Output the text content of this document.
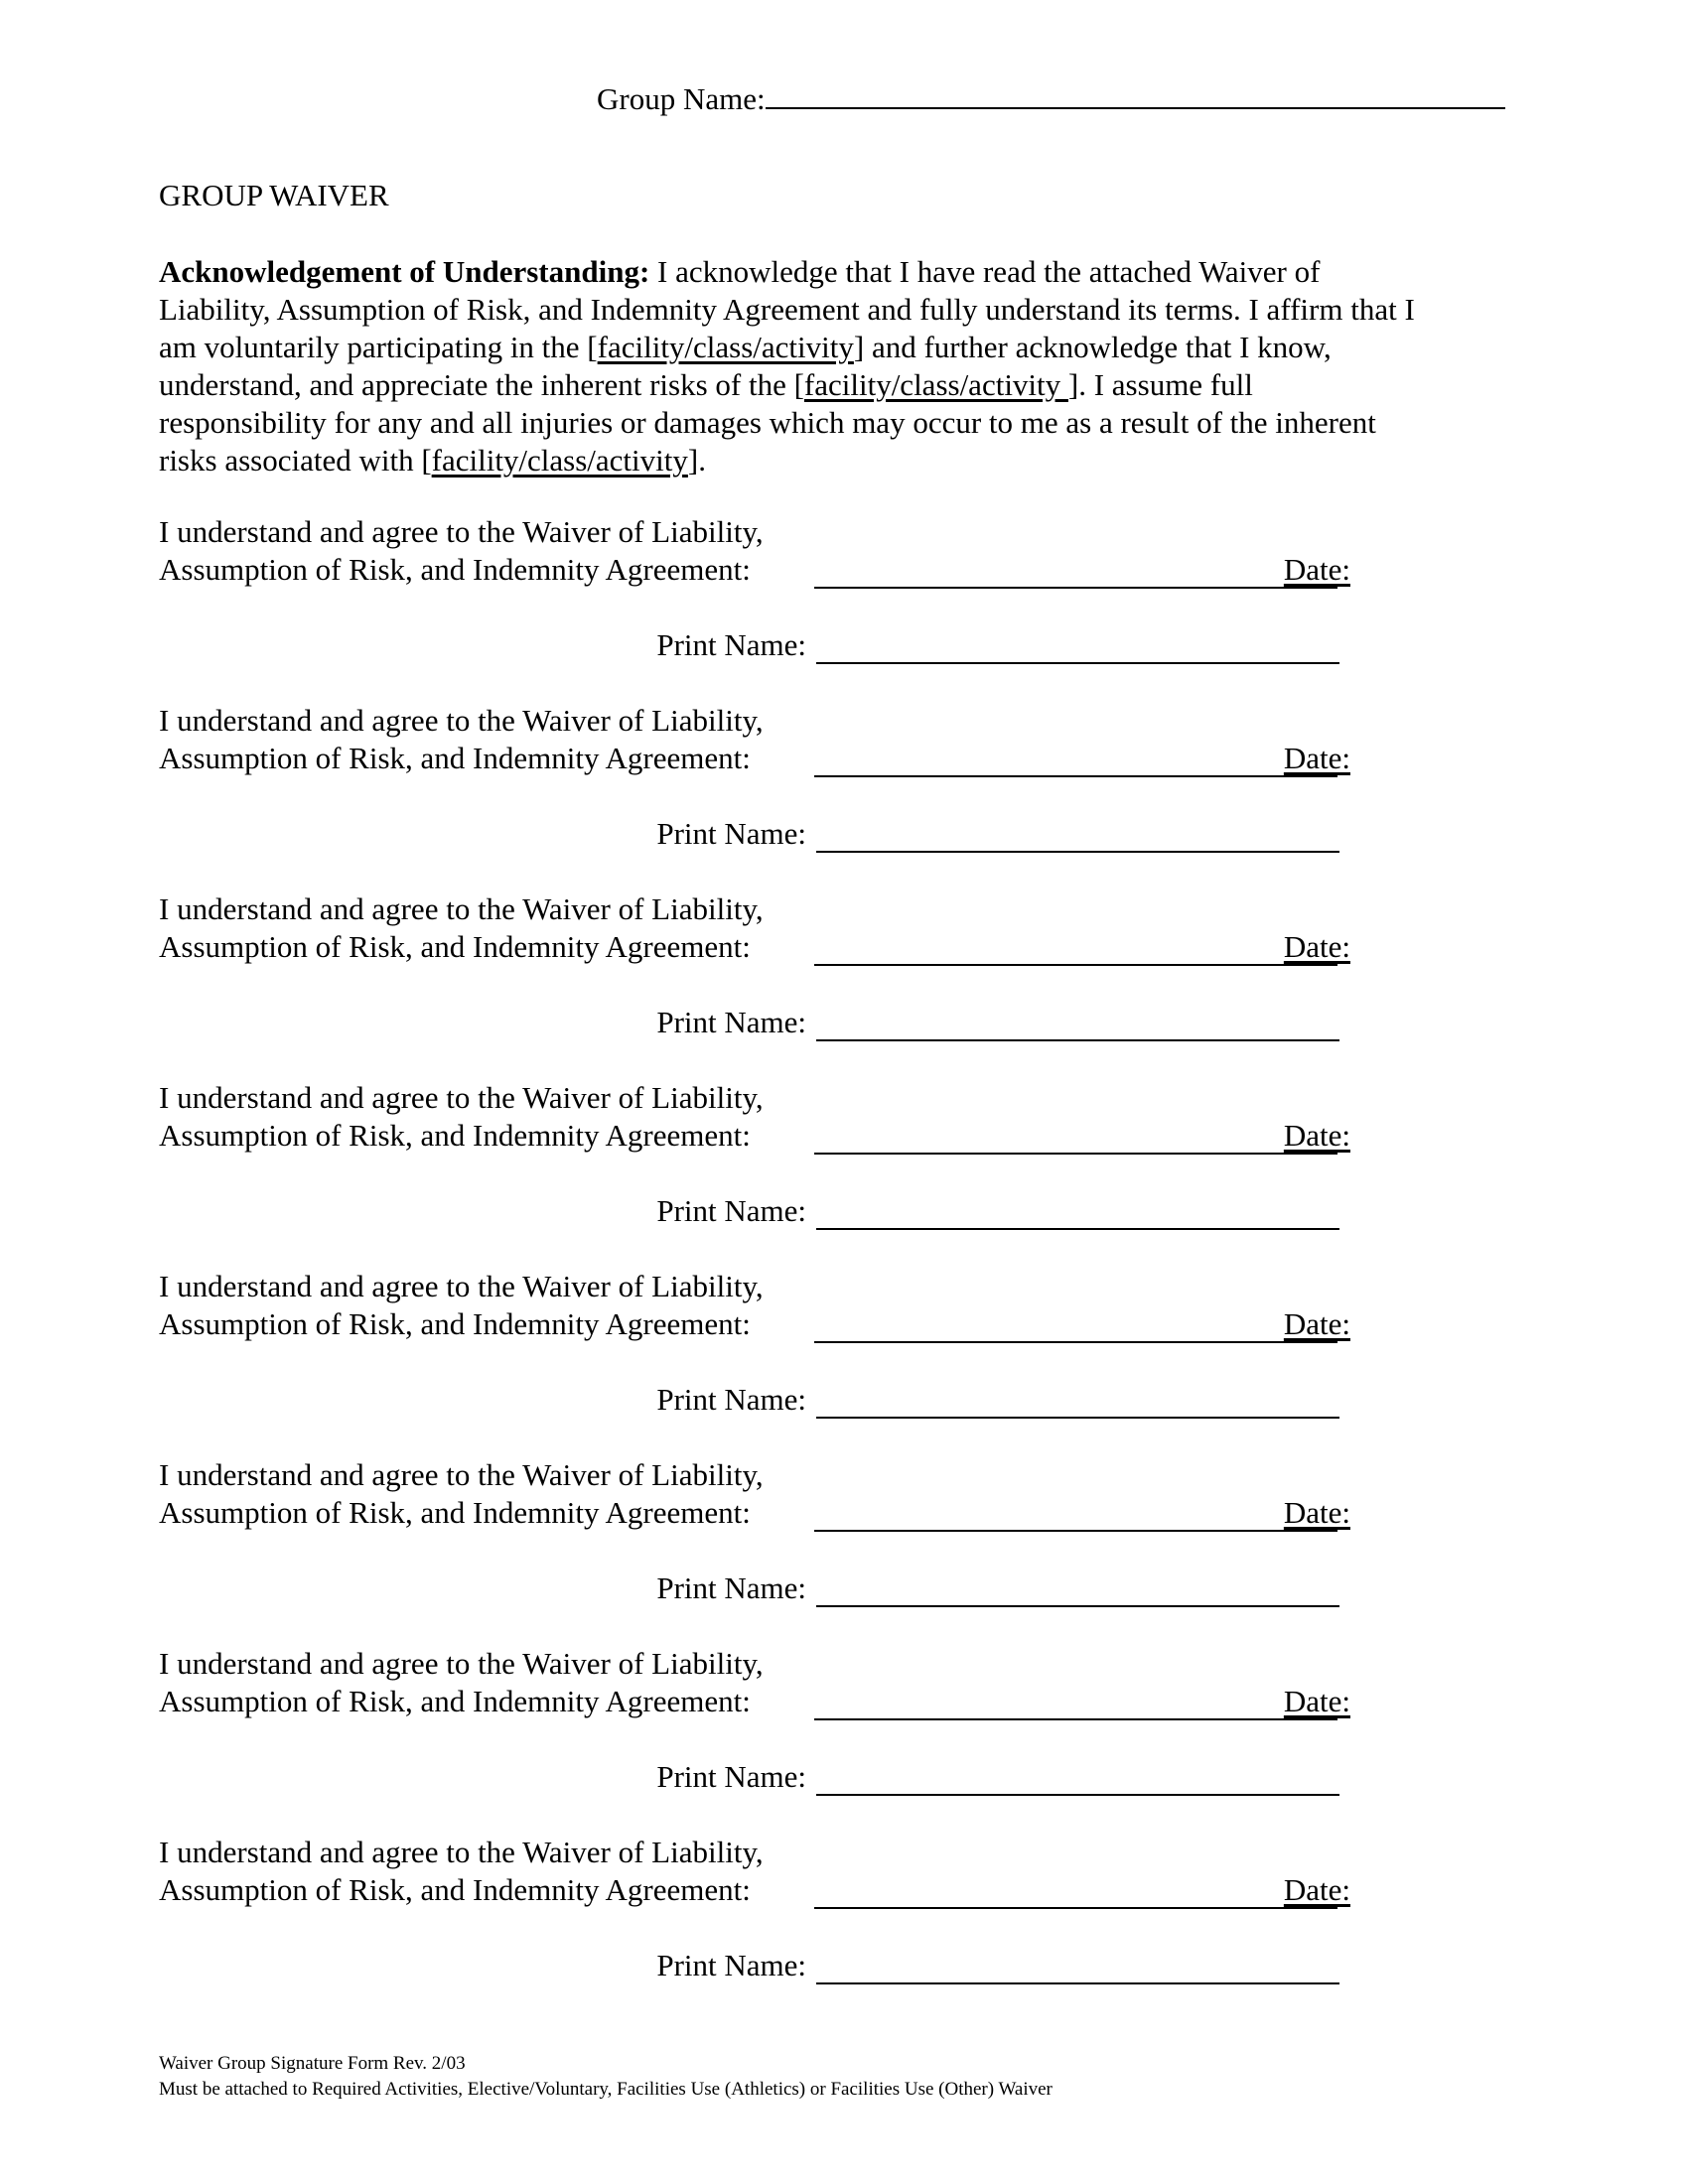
Group Name:
GROUP WAIVER
Acknowledgement of Understanding: I acknowledge that I have read the attached Waiver of
Liability, Assumption of Risk, and Indemnity Agreement and fully understand its terms. I affirm that I
am voluntarily participating in the [facility/class/activity] and further acknowledge that I know,
understand, and appreciate the inherent risks of the [facility/class/activity ]. I assume full
responsibility for any and all injuries or damages which may occur to me as a result of the inherent
risks associated with [facility/class/activity].
I understand and agree to the Waiver of Liability,
Assumption of Risk, and Indemnity Agreement:	Date:
Print Name:
I understand and agree to the Waiver of Liability,
Assumption of Risk, and Indemnity Agreement:	Date:
Print Name:
I understand and agree to the Waiver of Liability,
Assumption of Risk, and Indemnity Agreement:	Date:
Print Name:
I understand and agree to the Waiver of Liability,
Assumption of Risk, and Indemnity Agreement:	Date:
Print Name:
I understand and agree to the Waiver of Liability,
Assumption of Risk, and Indemnity Agreement:	Date:
Print Name:
I understand and agree to the Waiver of Liability,
Assumption of Risk, and Indemnity Agreement:	Date:
Print Name:
I understand and agree to the Waiver of Liability,
Assumption of Risk, and Indemnity Agreement:	Date:
Print Name:
I understand and agree to the Waiver of Liability,
Assumption of Risk, and Indemnity Agreement:	Date:
Print Name:
Waiver Group Signature Form Rev. 2/03
Must be attached to Required Activities, Elective/Voluntary, Facilities Use (Athletics) or Facilities Use (Other) Waiver
